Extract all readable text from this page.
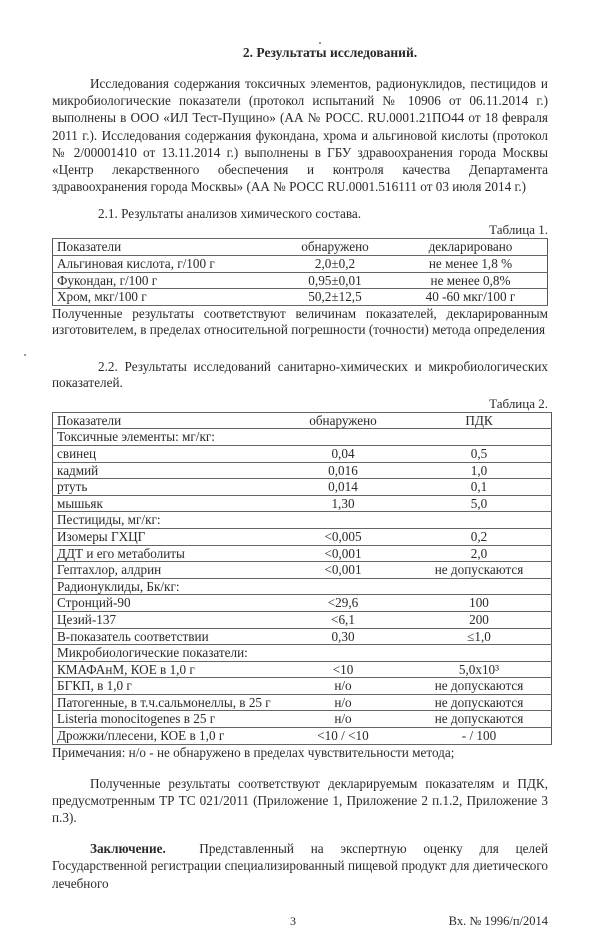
2. Результаты исследований.
Исследования содержания токсичных элементов, радионуклидов, пестицидов и микробиологические показатели (протокол испытаний № 10906 от 06.11.2014 г.) выполнены в ООО «ИЛ Тест-Пущино» (АА № РОСС. RU.0001.21ПО44 от 18 февраля 2011 г.). Исследования содержания фукондана, хрома и альгиновой кислоты (протокол № 2/00001410 от 13.11.2014 г.) выполнены в ГБУ здравоохранения города Москвы «Центр лекарственного обеспечения и контроля качества Департамента здравоохранения города Москвы» (АА № РОСС RU.0001.516111 от 03 июля 2014 г.)
2.1. Результаты анализов химического состава.
Таблица 1.
Показатели	обнаружено	декларировано
Альгиновая кислота, г/100 г	2,0±0,2	не менее 1,8 %
Фукондан, г/100 г	0,95±0,01	не менее 0,8%
Хром, мкг/100 г	50,2±12,5	40 -60 мкг/100 г
Полученные результаты соответствуют величинам показателей, декларированным изготовителем, в пределах относительной погрешности (точности) метода определения
2.2. Результаты исследований санитарно-химических и микробиологических показателей.
Таблица 2.
Показатели	обнаружено	ПДК
Токсичные элементы: мг/кг:		
свинец	0,04	0,5
кадмий	0,016	1,0
ртуть	0,014	0,1
мышьяк	1,30	5,0
Пестициды, мг/кг:		
Изомеры ГХЦГ	<0,005	0,2
ДДТ и его метаболиты	<0,001	2,0
Гептахлор, алдрин	<0,001	не допускаются
Радионуклиды, Бк/кг:		
Стронций-90	<29,6	100
Цезий-137	<6,1	200
В-показатель соответствии	0,30	≤1,0
Микробиологические показатели:		
КМАФАнМ, КОЕ в 1,0 г	<10	5,0x10³
БГКП, в 1,0 г	н/о	не допускаются
Патогенные, в т.ч.сальмонеллы, в 25 г	н/о	не допускаются
Listeria monocitogenes в 25 г	н/о	не допускаются
Дрожжи/плесени, КОЕ в 1,0 г	<10 / <10	- / 100
Примечания: н/о - не обнаружено в пределах чувствительности метода;
Полученные результаты соответствуют декларируемым показателям и ПДК, предусмотренным ТР ТС 021/2011 (Приложение 1, Приложение 2 п.1.2, Приложение 3 п.3).
Заключение.	Представленный на экспертную оценку для целей Государственной регистрации специализированный пищевой продукт для диетического лечебного
3	Вх. № 1996/п/2014
